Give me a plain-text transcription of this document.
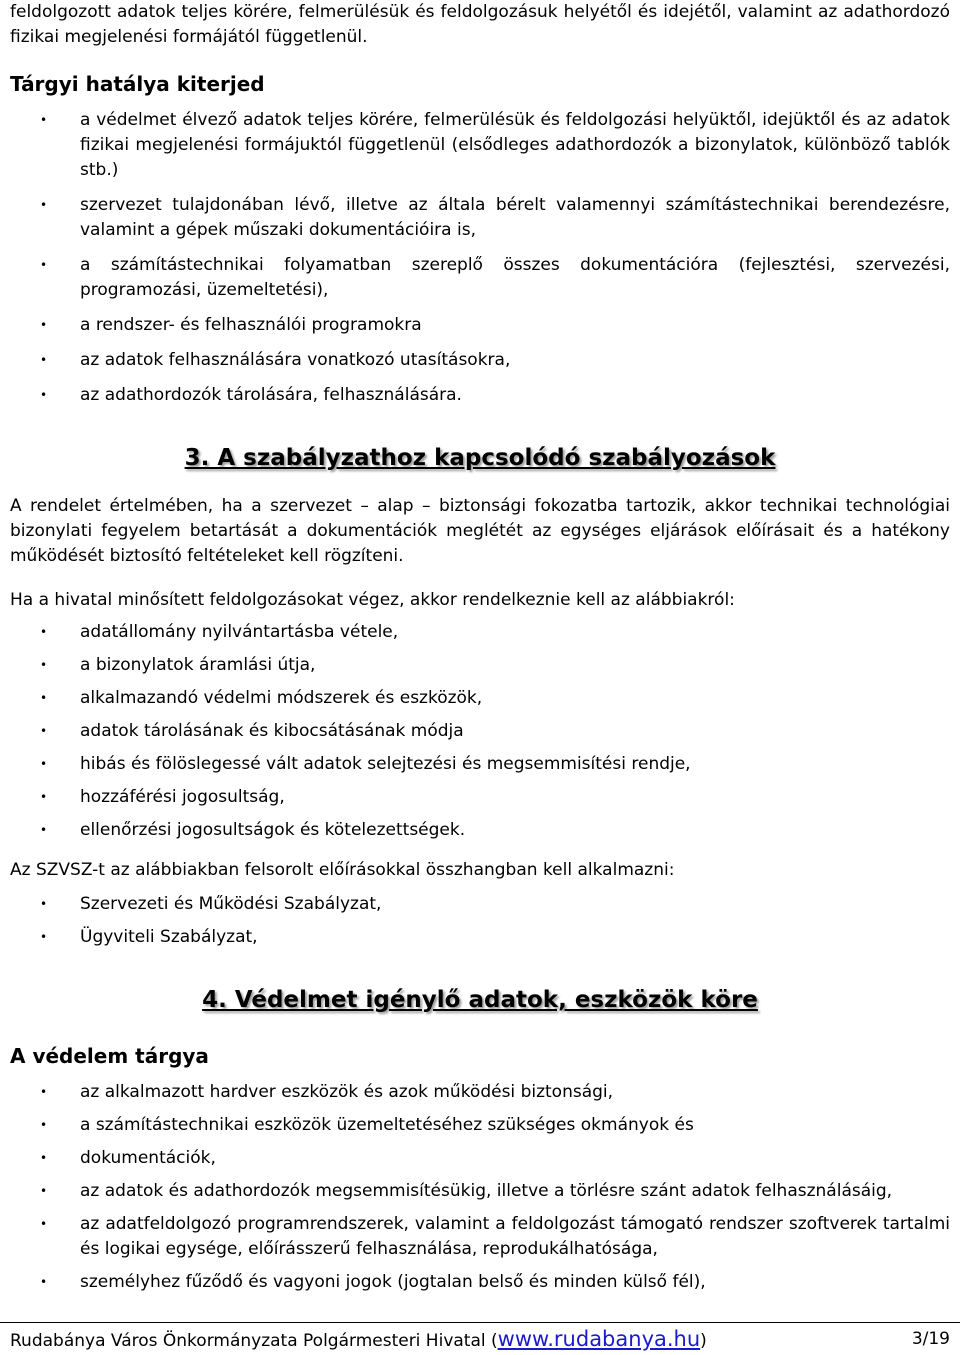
feldolgozott adatok teljes körére, felmerülésük és feldolgozásuk helyétől és idejétől, valamint az adathordozó fizikai megjelenési formájától függetlenül.

Tárgyi hatálya kiterjed

• a védelmet élvező adatok teljes körére, felmerülésük és feldolgozási helyüktől, idejüktől és az adatok fizikai megjelenési formájuktól függetlenül (elsődleges adathordozók a bizonylatok, különböző tablók stb.)
• szervezet tulajdonában lévő, illetve az általa bérelt valamennyi számítástechnikai berendezésre, valamint a gépek műszaki dokumentációira is,
• a számítástechnikai folyamatban szereplő összes dokumentációra (fejlesztési, szervezési, programozási, üzemeltetési),
• a rendszer- és felhasználói programokra
• az adatok felhasználására vonatkozó utasításokra,
• az adathordozók tárolására, felhasználására.

3. A szabályzathoz kapcsolódó szabályozások

A rendelet értelmében, ha a szervezet – alap – biztonsági fokozatba tartozik, akkor technikai technológiai bizonylati fegyelem betartását a dokumentációk meglétét az egységes eljárások előírásait és a hatékony működését biztosító feltételeket kell rögzíteni.

Ha a hivatal minősített feldolgozásokat végez, akkor rendelkeznie kell az alábbiakról:

• adatállomány nyilvántartásba vétele,
• a bizonylatok áramlási útja,
• alkalmazandó védelmi módszerek és eszközök,
• adatok tárolásának és kibocsátásának módja
• hibás és fölöslegessé vált adatok selejtezési és megsemmisítési rendje,
• hozzáférési jogosultság,
• ellenőrzési jogosultságok és kötelezettségek.

Az SZVSZ-t az alábbiakban felsorolt előírásokkal összhangban kell alkalmazni:

• Szervezeti és Működési Szabályzat,
• Ügyviteli Szabályzat,

4. Védelmet igénylő adatok, eszközök köre

A védelem tárgya

• az alkalmazott hardver eszközök és azok működési biztonsági,
• a számítástechnikai eszközök üzemeltetéséhez szükséges okmányok és
• dokumentációk,
• az adatok és adathordozók megsemmisítésükig, illetve a törlésre szánt adatok felhasználásáig,
• az adatfeldolgozó programrendszerek, valamint a feldolgozást támogató rendszer szoftverek tartalmi és logikai egysége, előírásszerű felhasználása, reprodukálhatósága,
• személyhez fűződő és vagyoni jogok (jogtalan belső és minden külső fél),
Rudabánya Város Önkormányzata Polgármesteri Hivatal (www.rudabanya.hu)	3/19
